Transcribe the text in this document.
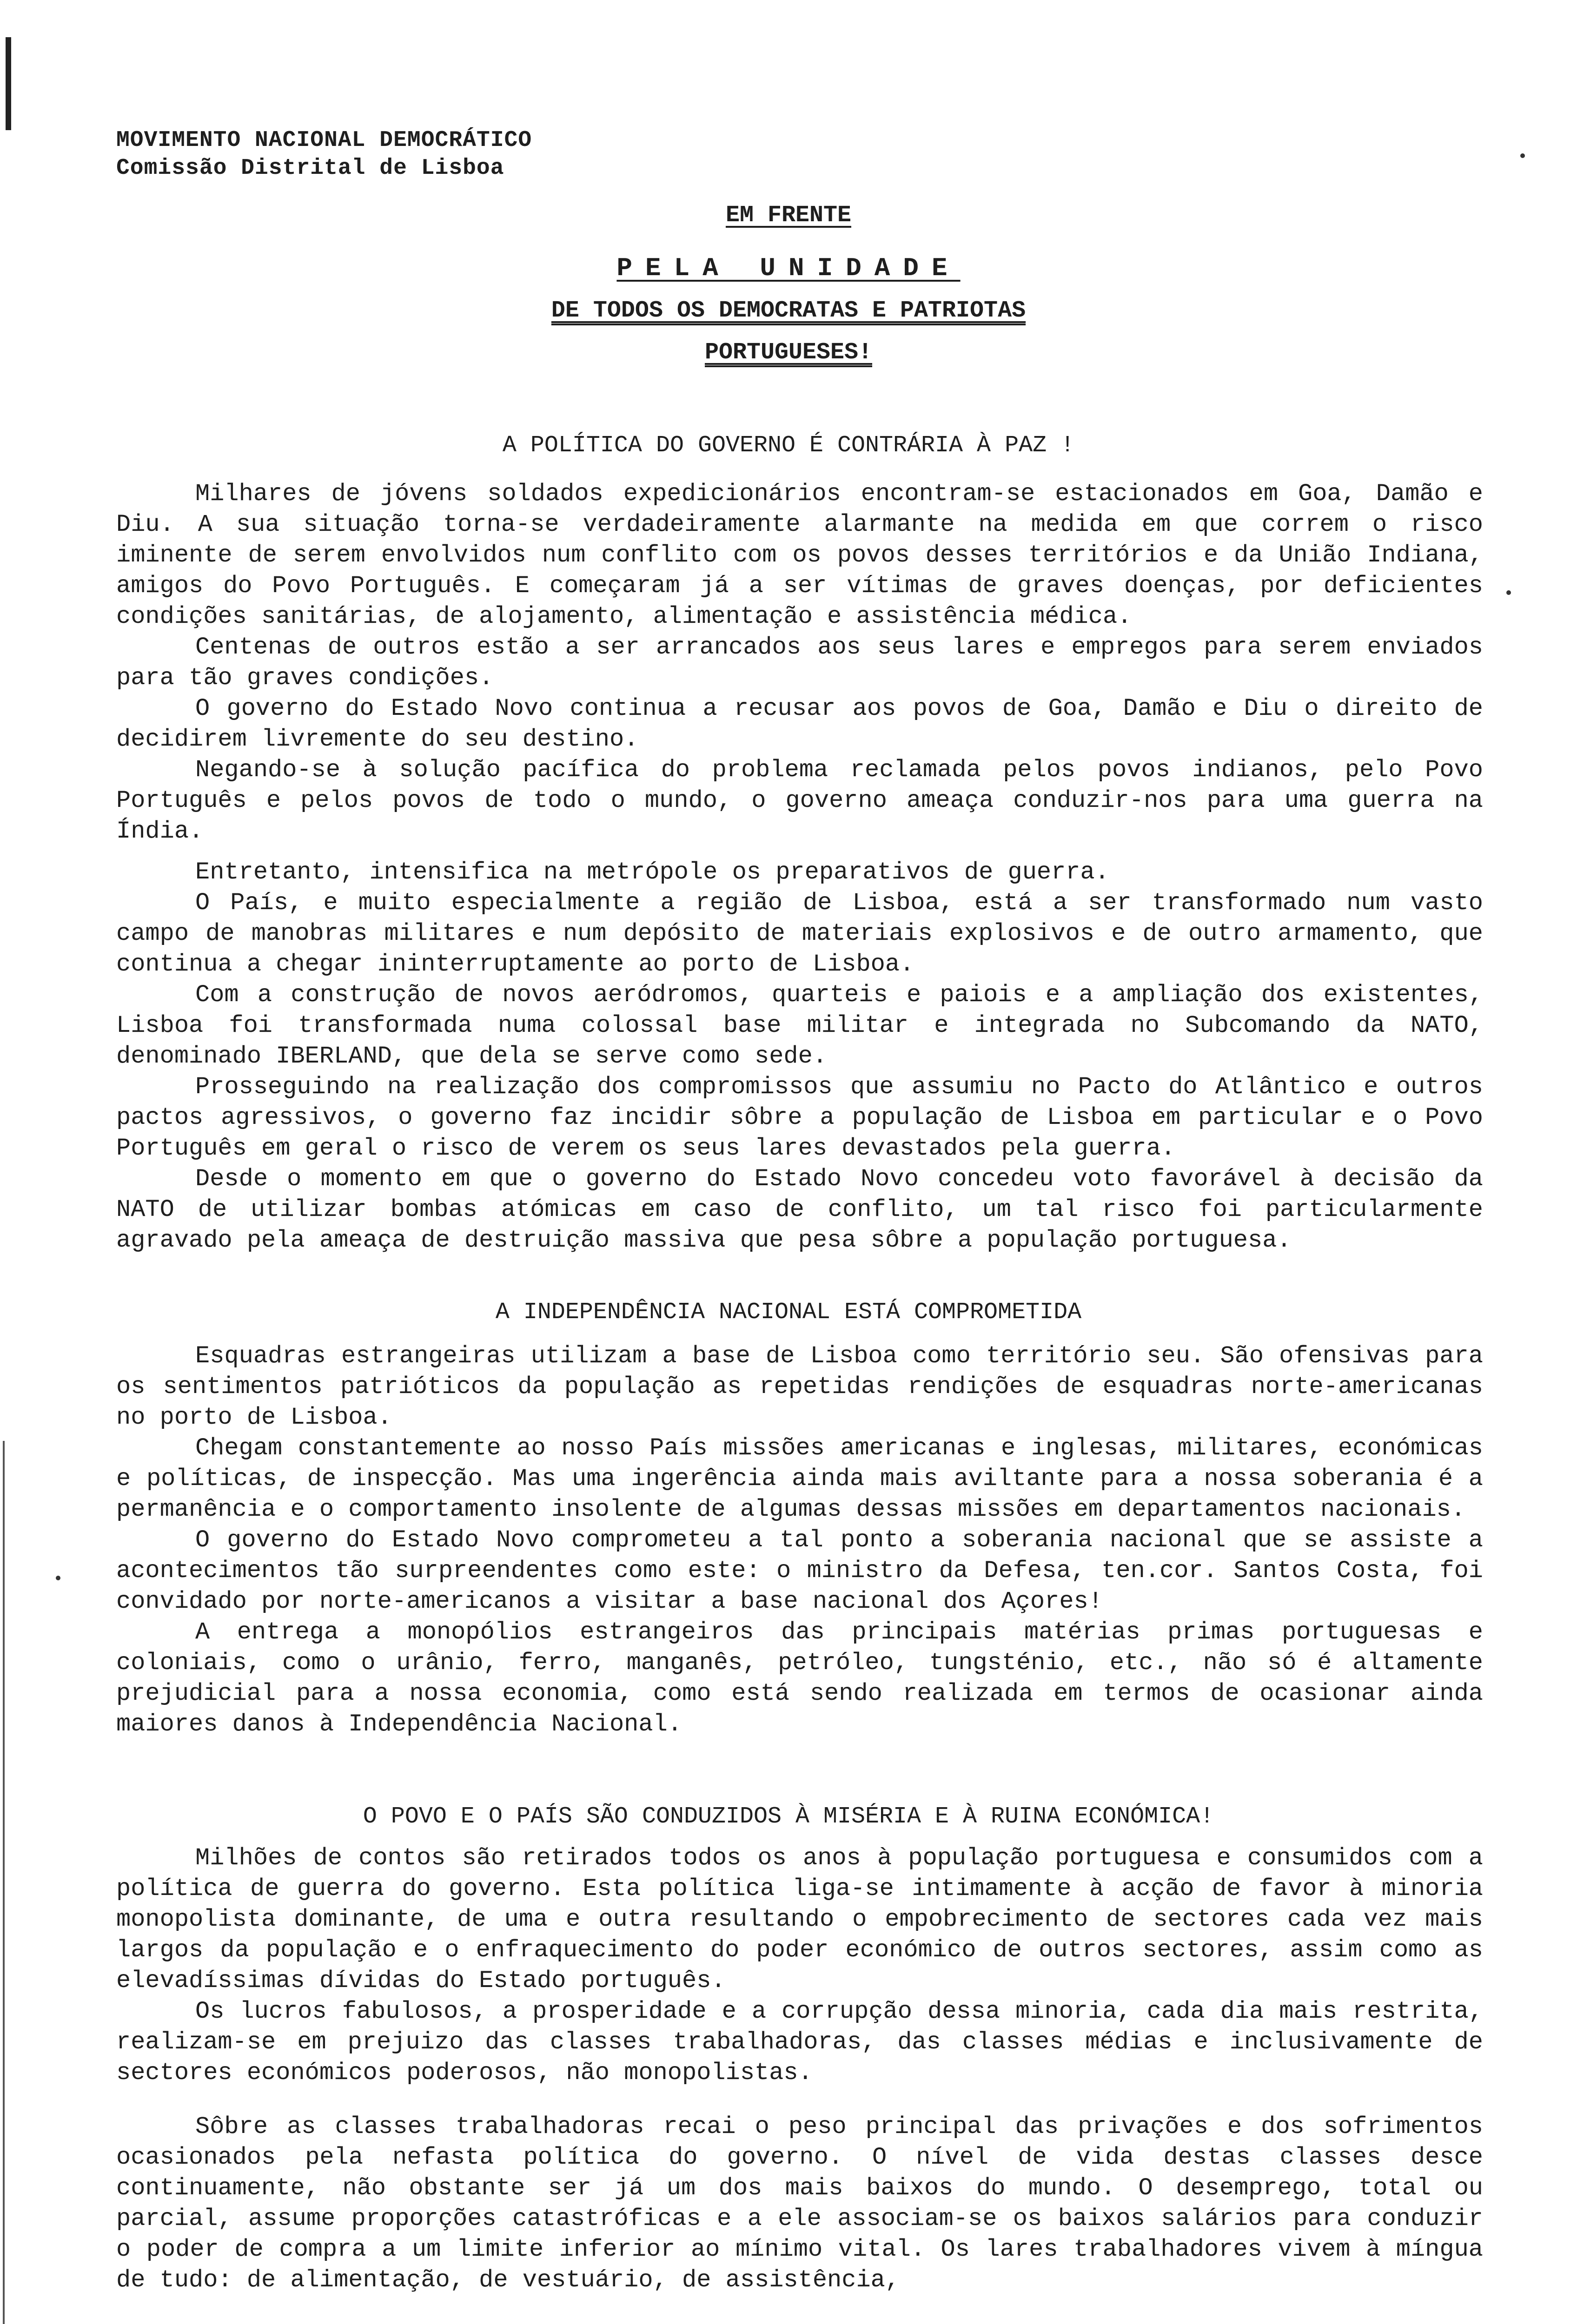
MOVIMENTO NACIONAL DEMOCRÁTICO
Comissão Distrital de Lisboa
EM FRENTE
PELA UNIDADE
DE TODOS OS DEMOCRATAS E PATRIOTAS
PORTUGUESES!
A POLÍTICA DO GOVERNO É CONTRÁRIA À PAZ !

Milhares de jóvens soldados expedicionários encontram-se estacionados em Goa, Damão e Diu. A sua situação torna-se verdadeiramente alarmante na medida em que correm o risco iminente de serem envolvidos num conflito com os povos desses territórios e da União Indiana, amigos do Povo Português. E começaram já a ser vítimas de graves doenças, por deficientes condições sanitárias, de alojamento, alimentação e assistência médica.

Centenas de outros estão a ser arrancados aos seus lares e empregos para serem enviados para tão graves condições.

O governo do Estado Novo continua a recusar aos povos de Goa, Damão e Diu o direito de decidirem livremente do seu destino.

Negando-se à solução pacífica do problema reclamada pelos povos indianos, pelo Povo Português e pelos povos de todo o mundo, o governo ameaça conduzir-nos para uma guerra na Índia.

Entretanto, intensifica na metrópole os preparativos de guerra.

O País, e muito especialmente a região de Lisboa, está a ser transformado num vasto campo de manobras militares e num depósito de materiais explosivos e de outro armamento, que continua a chegar ininterruptamente ao porto de Lisboa.

Com a construção de novos aeródromos, quarteis e paiois e a ampliação dos existentes, Lisboa foi transformada numa colossal base militar e integrada no Subcomando da NATO, denominado IBERLAND, que dela se serve como sede.

Prosseguindo na realização dos compromissos que assumiu no Pacto do Atlântico e outros pactos agressivos, o governo faz incidir sôbre a população de Lisboa em particular e o Povo Português em geral o risco de verem os seus lares devastados pela guerra.

Desde o momento em que o governo do Estado Novo concedeu voto favorável à decisão da NATO de utilizar bombas atómicas em caso de conflito, um tal risco foi particularmente agravado pela ameaça de destruição massiva que pesa sôbre a população portuguesa.

A INDEPENDÊNCIA NACIONAL ESTÁ COMPROMETIDA

Esquadras estrangeiras utilizam a base de Lisboa como território seu. São ofensivas para os sentimentos patrióticos da população as repetidas rendições de esquadras norte-americanas no porto de Lisboa.

Chegam constantemente ao nosso País missões americanas e inglesas, militares, económicas e políticas, de inspecção. Mas uma ingerência ainda mais aviltante para a nossa soberania é a permanência e o comportamento insolente de algumas dessas missões em departamentos nacionais.

O governo do Estado Novo comprometeu a tal ponto a soberania nacional que se assiste a acontecimentos tão surpreendentes como este: o ministro da Defesa, ten.cor. Santos Costa, foi convidado por norte-americanos a visitar a base nacional dos Açores!

A entrega a monopólios estrangeiros das principais matérias primas portuguesas e coloniais, como o urânio, ferro, manganês, petróleo, tungsténio, etc., não só é altamente prejudicial para a nossa economia, como está sendo realizada em termos de ocasionar ainda maiores danos à Independência Nacional.

O POVO E O PAÍS SÃO CONDUZIDOS À MISÉRIA E À RUINA ECONÓMICA!

Milhões de contos são retirados todos os anos à população portuguesa e consumidos com a política de guerra do governo. Esta política liga-se intimamente à acção de favor à minoria monopolista dominante, de uma e outra resultando o empobrecimento de sectores cada vez mais largos da população e o enfraquecimento do poder económico de outros sectores, assim como as elevadíssimas dívidas do Estado português.

Os lucros fabulosos, a prosperidade e a corrupção dessa minoria, cada dia mais restrita, realizam-se em prejuizo das classes trabalhadoras, das classes médias e inclusivamente de sectores económicos poderosos, não monopolistas.

Sôbre as classes trabalhadoras recai o peso principal das privações e dos sofrimentos ocasionados pela nefasta política do governo. O nível de vida destas classes desce continuamente, não obstante ser já um dos mais baixos do mundo. O desemprego, total ou parcial, assume proporções catastróficas e a ele associam-se os baixos salários para conduzir o poder de compra a um limite inferior ao mínimo vital. Os lares trabalhadores vivem à míngua de tudo: de alimentação, de vestuário, de assistência,
